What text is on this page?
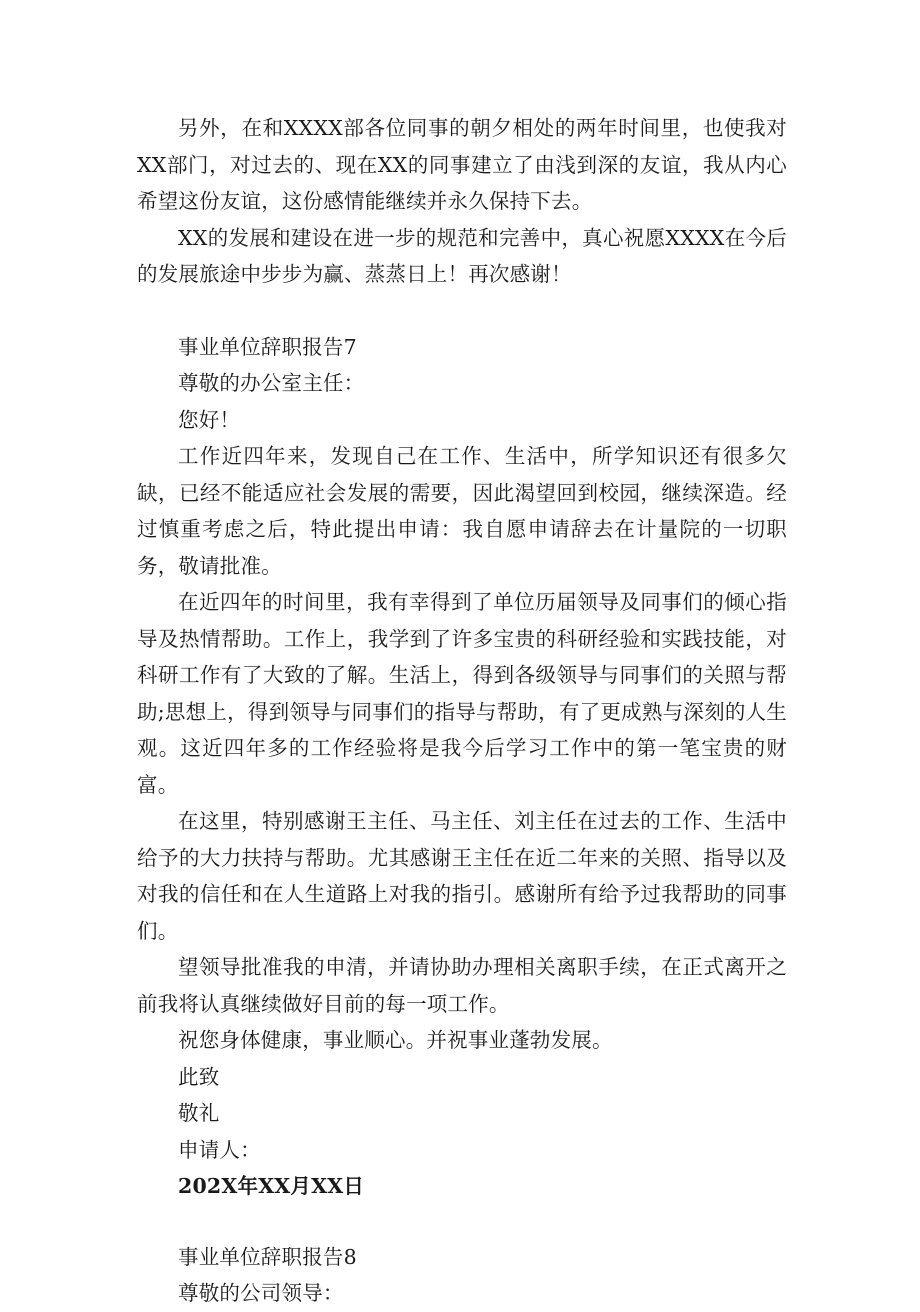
另外，在和XXXX部各位同事的朝夕相处的两年时间里，也使我对XX部门，对过去的、现在XX的同事建立了由浅到深的友谊，我从内心希望这份友谊，这份感情能继续并永久保持下去。

XX的发展和建设在进一步的规范和完善中，真心祝愿XXXX在今后的发展旅途中步步为赢、蒸蒸日上！再次感谢！

事业单位辞职报告7

尊敬的办公室主任：

您好！

工作近四年来，发现自己在工作、生活中，所学知识还有很多欠缺，已经不能适应社会发展的需要，因此渴望回到校园，继续深造。经过慎重考虑之后，特此提出申请：我自愿申请辞去在计量院的一切职务，敬请批准。

在近四年的时间里，我有幸得到了单位历届领导及同事们的倾心指导及热情帮助。工作上，我学到了许多宝贵的科研经验和实践技能，对科研工作有了大致的了解。生活上，得到各级领导与同事们的关照与帮助;思想上，得到领导与同事们的指导与帮助，有了更成熟与深刻的人生观。这近四年多的工作经验将是我今后学习工作中的第一笔宝贵的财富。

在这里，特别感谢王主任、马主任、刘主任在过去的工作、生活中给予的大力扶持与帮助。尤其感谢王主任在近二年来的关照、指导以及对我的信任和在人生道路上对我的指引。感谢所有给予过我帮助的同事们。

望领导批准我的申清，并请协助办理相关离职手续，在正式离开之前我将认真继续做好目前的每一项工作。

祝您身体健康，事业顺心。并祝事业蓬勃发展。

此致

敬礼

申请人：

202X年XX月XX日

事业单位辞职报告8

尊敬的公司领导：
